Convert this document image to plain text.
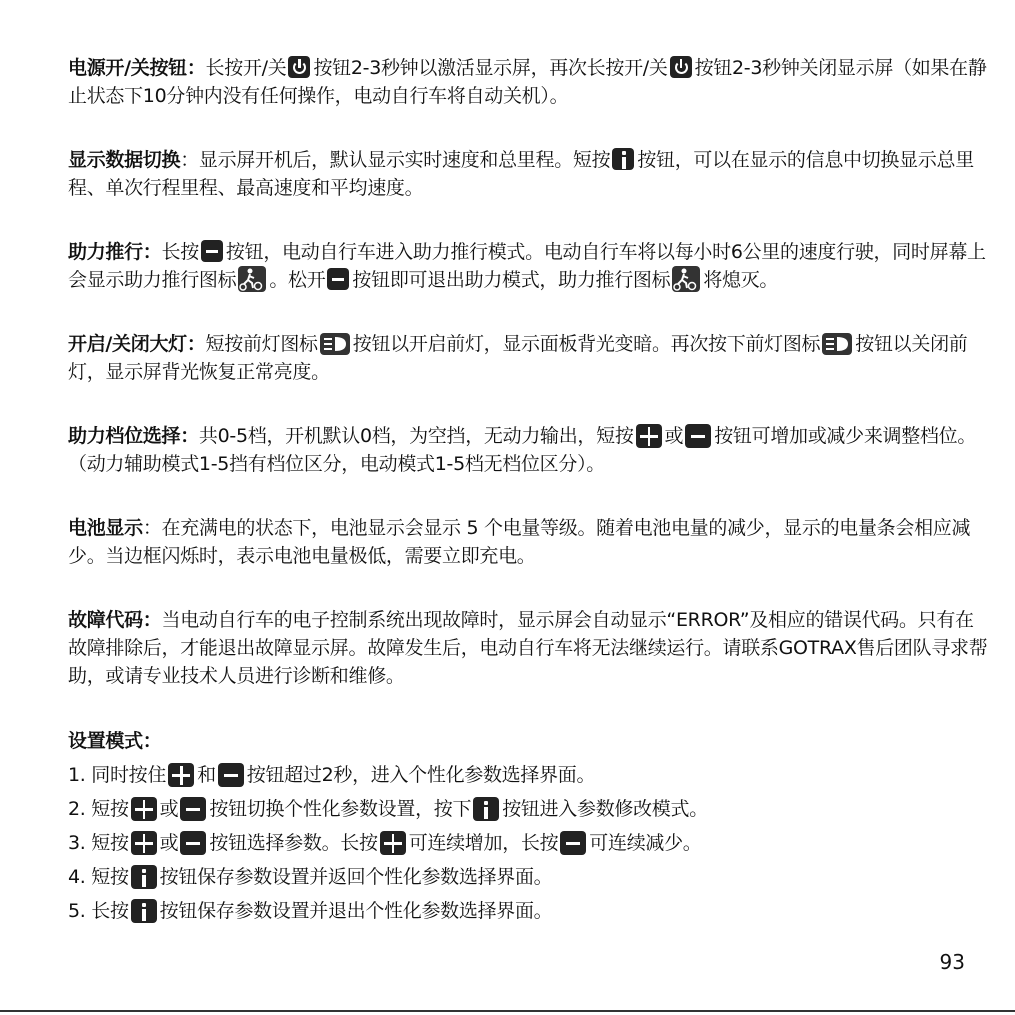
电源开/关按钮：长按开/关 按钮2-3秒钟以激活显示屏，再次长按开/关 按钮2-3秒钟关闭显示屏（如果在静止状态下10分钟内没有任何操作，电动自行车将自动关机）。

显示数据切换：显示屏开机后，默认显示实时速度和总里程。短按 按钮，可以在显示的信息中切换显示总里程、单次行程里程、最高速度和平均速度。

助力推行：长按 按钮，电动自行车进入助力推行模式。电动自行车将以每小时6公里的速度行驶，同时屏幕上会显示助力推行图标 。松开 按钮即可退出助力模式，助力推行图标 将熄灭。

开启/关闭大灯：短按前灯图标 按钮以开启前灯，显示面板背光变暗。再次按下前灯图标 按钮以关闭前灯，显示屏背光恢复正常亮度。

助力档位选择：共0-5档，开机默认0档，为空挡，无动力输出，短按 或 按钮可增加或减少来调整档位。（动力辅助模式1-5挡有档位区分，电动模式1-5档无档位区分）。

电池显示：在充满电的状态下，电池显示会显示 5 个电量等级。随着电池电量的减少，显示的电量条会相应减少。当边框闪烁时，表示电池电量极低，需要立即充电。

故障代码：当电动自行车的电子控制系统出现故障时，显示屏会自动显示“ERROR”及相应的错误代码。只有在故障排除后，才能退出故障显示屏。故障发生后，电动自行车将无法继续运行。请联系GOTRAX售后团队寻求帮助，或请专业技术人员进行诊断和维修。

设置模式：

1. 同时按住 和 按钮超过2秒，进入个性化参数选择界面。

2. 短按 或 按钮切换个性化参数设置，按下 按钮进入参数修改模式。

3. 短按 或 按钮选择参数。长按 可连续增加，长按 可连续减少。

4. 短按 按钮保存参数设置并返回个性化参数选择界面。

5. 长按 按钮保存参数设置并退出个性化参数选择界面。

93
